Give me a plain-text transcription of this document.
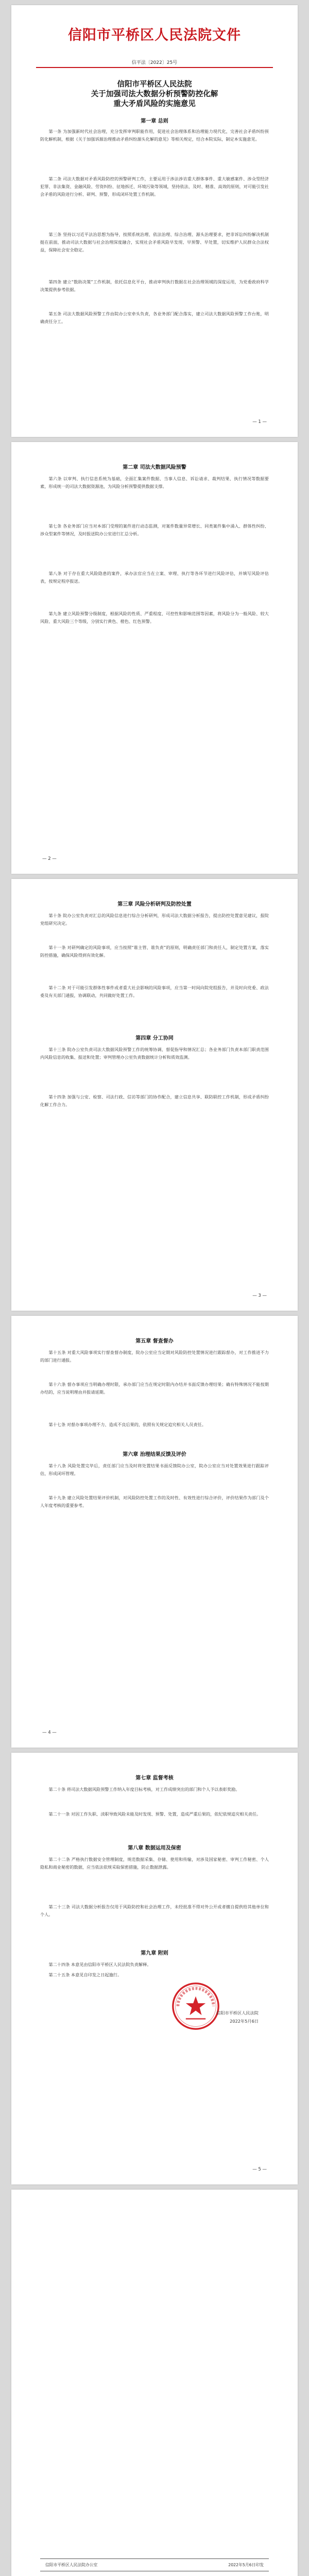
信阳市平桥区人民法院文件
信平法〔2022〕25号
信阳市平桥区人民法院
关于加强司法大数据分析预警防控化解
重大矛盾风险的实施意见
第一章 总则
第一条 为加强新时代社会治理，充分发挥审判职能作用，促进社会治理体系和治理能力现代化，完善社会矛盾纠纷预防化解机制，根据《关于加强诉源治理推动矛盾纠纷源头化解的意见》等相关规定，结合本院实际，制定本实施意见。
第二条 司法大数据对矛盾风险防控的预警研判工作，主要运用于涉法涉访重大群体事件、重大敏感案件、涉众型经济犯罪、非法集资、金融风险、劳资纠纷、征地拆迁、环境污染等领域，坚持依法、及时、精准、高效的原则，对可能引发社会矛盾的风险进行分析、研判、预警，形成闭环处置工作机制。
第三条 坚持以习近平法治思想为指导，按照系统治理、依法治理、综合治理、源头治理要求，把非诉讼纠纷解决机制挺在前面，推动司法大数据与社会治理深度融合，实现社会矛盾风险早发现、早预警、早处置，切实维护人民群众合法权益，保障社会安全稳定。
第四条 建立“数助决策”工作机制，依托信息化平台，推动审判执行数据在社会治理领域的深度运用，为党委政府科学决策提供参考依据。
第五条 司法大数据风险预警工作由院办公室牵头负责，各业务部门配合落实，建立司法大数据风险预警工作台账，明确责任分工。
— 1 —
第二章 司法大数据风险预警
第六条 以审判、执行信息系统为基础，全面汇集案件数据、当事人信息、诉讼请求、裁判结果、执行情况等数据要素，形成统一的司法大数据资源池，为风险分析预警提供数据支撑。
第七条 各业务部门应当对本部门受理的案件进行动态监测，对案件数量异常增长、同类案件集中涌入、群体性纠纷、涉众型案件等情况，及时报送院办公室进行汇总分析。
第八条 对于存在重大风险隐患的案件，承办法官应当在立案、审理、执行等各环节进行风险评估，并填写风险评估表，按规定程序报送。
第九条 建立风险预警分级制度，根据风险的性质、严重程度、可控性和影响范围等因素，将风险分为一般风险、较大风险、重大风险三个等级，分别实行黄色、橙色、红色预警。
— 2 —
第三章 风险分析研判及防控处置
第十条 院办公室负责对汇总的风险信息进行综合分析研判，形成司法大数据分析报告，提出防控处置意见建议，报院党组研究决定。
第十一条 对研判确定的风险事项，应当按照“谁主管、谁负责”的原则，明确责任部门和责任人，制定处置方案，落实防控措施，确保风险得到有效化解。
第十二条 对于可能引发群体性事件或者重大社会影响的风险事项，应当第一时间向院党组报告，并及时向党委、政法委及有关部门通报，协调联动，共同做好处置工作。
第四章 分工协同
第十三条 院办公室负责司法大数据风险预警工作的统筹协调、督促指导和情况汇总；各业务部门负责本部门职责范围内风险信息的收集、报送和处置；审判管理办公室负责数据统计分析和质效监测。
第十四条 加强与公安、检察、司法行政、信访等部门的协作配合，建立信息共享、联防联控工作机制，形成矛盾纠纷化解工作合力。
— 3 —
第五章 督查督办
第十五条 对重大风险事项实行督查督办制度，院办公室应当定期对风险防控处置情况进行跟踪督办，对工作推进不力的部门进行通报。
第十六条 督办事项应当明确办理时限，承办部门应当在规定时限内办结并书面反馈办理结果；确有特殊情况不能按期办结的，应当说明理由并报请延期。
第十七条 对督办事项办理不力、造成不良后果的，依照有关规定追究相关人员责任。
第六章 治理结果反馈及评价
第十八条 风险处置完毕后，责任部门应当及时将处置结果书面反馈院办公室，院办公室应当对处置效果进行跟踪评估，形成闭环管理。
第十九条 建立风险处置结果评价机制，对风险防控处置工作的及时性、有效性进行综合评价，评价结果作为部门及个人年度考核的重要参考。
— 4 —
第七章 监督考核
第二十条 将司法大数据风险预警工作纳入年度目标考核，对工作成绩突出的部门和个人予以表彰奖励。
第二十一条 对因工作失职、渎职导致风险未能及时发现、预警、处置，造成严重后果的，依纪依规追究相关责任。
第八章 数据运用及保密
第二十二条 严格执行数据安全管理制度，规范数据采集、存储、使用和传输，对涉及国家秘密、审判工作秘密、个人隐私和商业秘密的数据，应当依法依规采取保密措施，防止数据泄露。
第二十三条 司法大数据分析报告仅用于风险防控和社会治理工作，未经批准不得对外公开或者擅自提供给其他单位和个人。
第九章 附则
第二十四条 本意见由信阳市平桥区人民法院负责解释。
第二十五条 本意见自印发之日起施行。
信阳市平桥区人民法院
2022年5月6日
— 5 —
信阳市平桥区人民法院办公室	2022年5月6日印发
